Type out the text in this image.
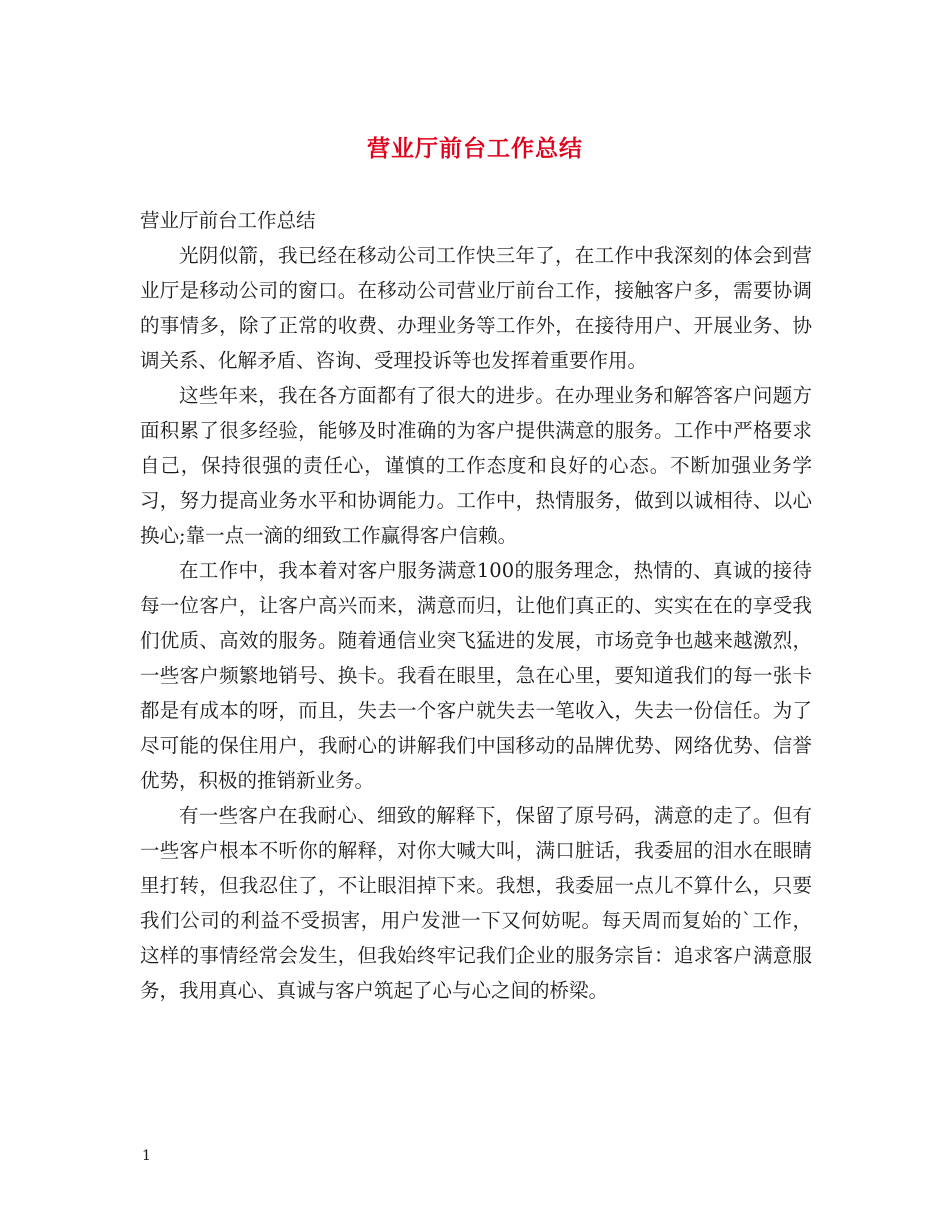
营业厅前台工作总结

营业厅前台工作总结

光阴似箭，我已经在移动公司工作快三年了，在工作中我深刻的体会到营业厅是移动公司的窗口。在移动公司营业厅前台工作，接触客户多，需要协调的事情多，除了正常的收费、办理业务等工作外，在接待用户、开展业务、协调关系、化解矛盾、咨询、受理投诉等也发挥着重要作用。

这些年来，我在各方面都有了很大的进步。在办理业务和解答客户问题方面积累了很多经验，能够及时准确的为客户提供满意的服务。工作中严格要求自己，保持很强的责任心，谨慎的工作态度和良好的心态。不断加强业务学习，努力提高业务水平和协调能力。工作中，热情服务，做到以诚相待、以心换心;靠一点一滴的细致工作赢得客户信赖。

在工作中，我本着对客户服务满意100的服务理念，热情的、真诚的接待每一位客户，让客户高兴而来，满意而归，让他们真正的、实实在在的享受我们优质、高效的服务。随着通信业突飞猛进的发展，市场竞争也越来越激烈，一些客户频繁地销号、换卡。我看在眼里，急在心里，要知道我们的每一张卡都是有成本的呀，而且，失去一个客户就失去一笔收入，失去一份信任。为了尽可能的保住用户，我耐心的讲解我们中国移动的品牌优势、网络优势、信誉优势，积极的推销新业务。

有一些客户在我耐心、细致的解释下，保留了原号码，满意的走了。但有一些客户根本不听你的解释，对你大喊大叫，满口脏话，我委屈的泪水在眼睛里打转，但我忍住了，不让眼泪掉下来。我想，我委屈一点儿不算什么，只要我们公司的利益不受损害，用户发泄一下又何妨呢。每天周而复始的`工作，这样的事情经常会发生，但我始终牢记我们企业的服务宗旨：追求客户满意服务，我用真心、真诚与客户筑起了心与心之间的桥梁。

1
